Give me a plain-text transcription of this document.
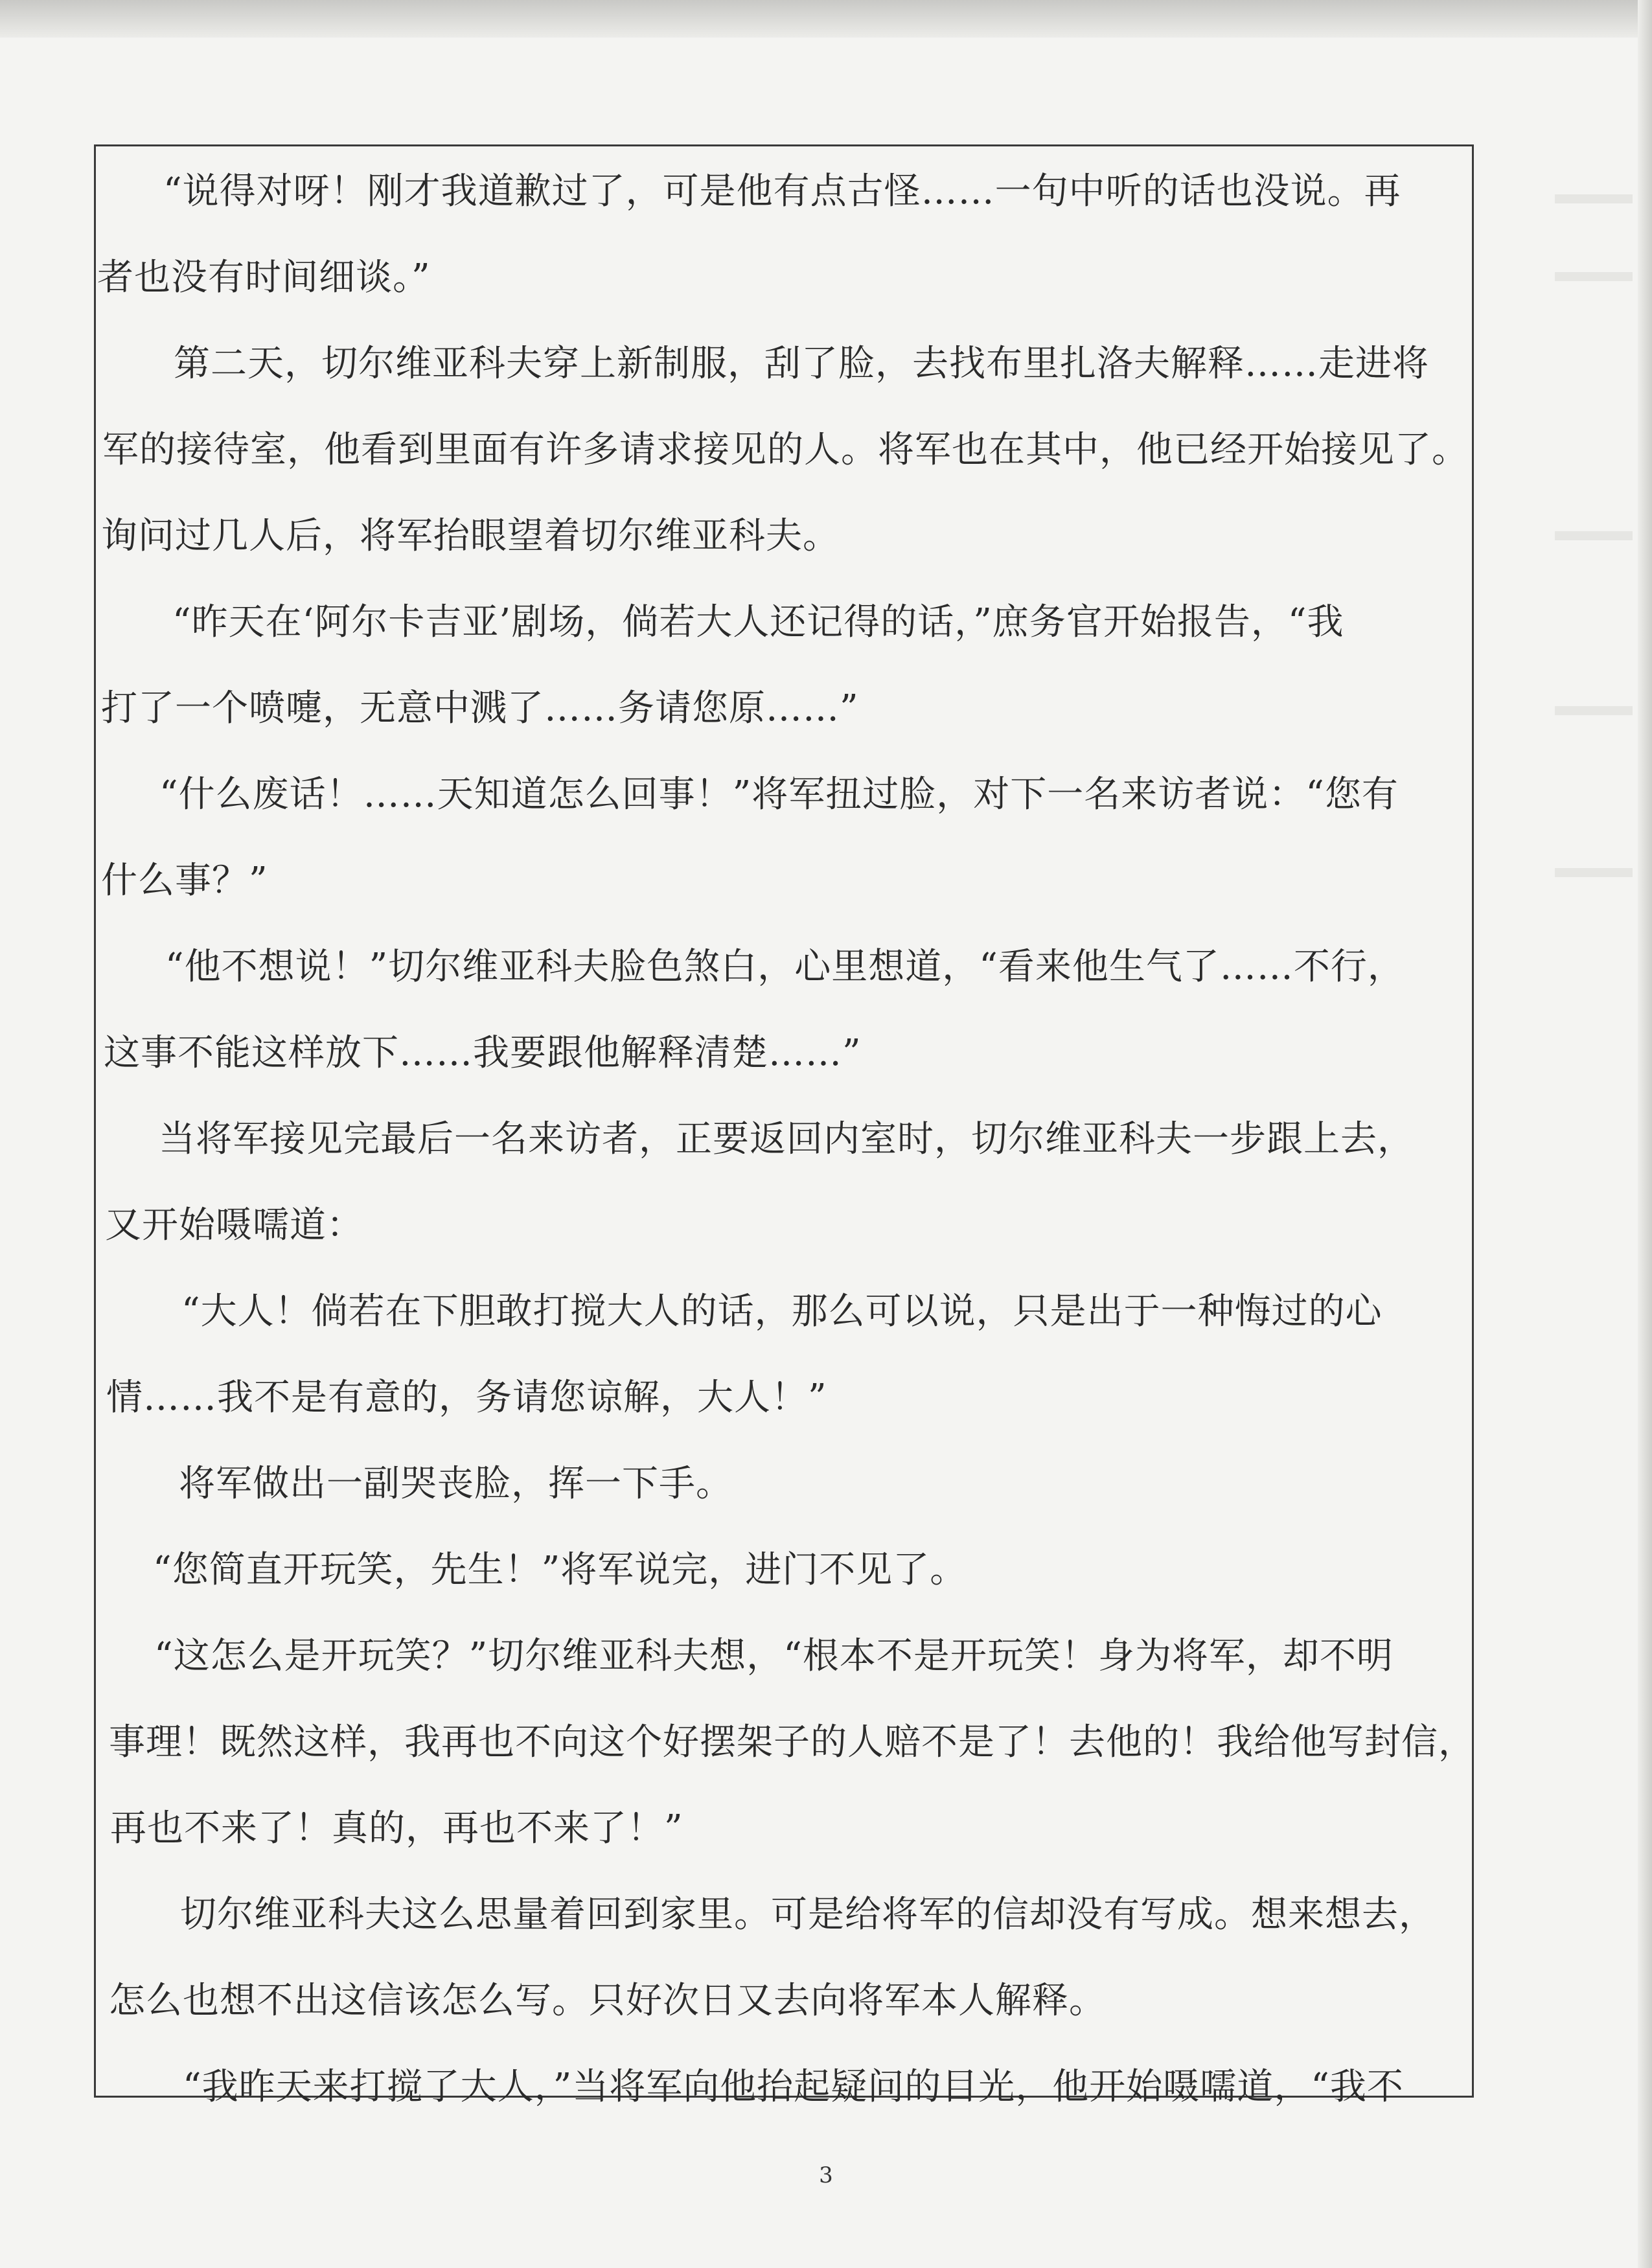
“说得对呀！刚才我道歉过了，可是他有点古怪……一句中听的话也没说。再
者也没有时间细谈。”
第二天，切尔维亚科夫穿上新制服，刮了脸，去找布里扎洛夫解释……走进将
军的接待室，他看到里面有许多请求接见的人。将军也在其中，他已经开始接见了。
询问过几人后，将军抬眼望着切尔维亚科夫。
“昨天在‘阿尔卡吉亚’剧场，倘若大人还记得的话，”庶务官开始报告，“我
打了一个喷嚏，无意中溅了……务请您原……”
“什么废话！……天知道怎么回事！”将军扭过脸，对下一名来访者说：“您有
什么事？”
“他不想说！”切尔维亚科夫脸色煞白，心里想道，“看来他生气了……不行，
这事不能这样放下……我要跟他解释清楚……”
当将军接见完最后一名来访者，正要返回内室时，切尔维亚科夫一步跟上去，
又开始嗫嚅道：
“大人！倘若在下胆敢打搅大人的话，那么可以说，只是出于一种悔过的心
情……我不是有意的，务请您谅解，大人！”
将军做出一副哭丧脸，挥一下手。
“您简直开玩笑，先生！”将军说完，进门不见了。
“这怎么是开玩笑？”切尔维亚科夫想，“根本不是开玩笑！身为将军，却不明
事理！既然这样，我再也不向这个好摆架子的人赔不是了！去他的！我给他写封信，
再也不来了！真的，再也不来了！”
切尔维亚科夫这么思量着回到家里。可是给将军的信却没有写成。想来想去，
怎么也想不出这信该怎么写。只好次日又去向将军本人解释。
“我昨天来打搅了大人，”当将军向他抬起疑问的目光，他开始嗫嚅道，“我不
3
